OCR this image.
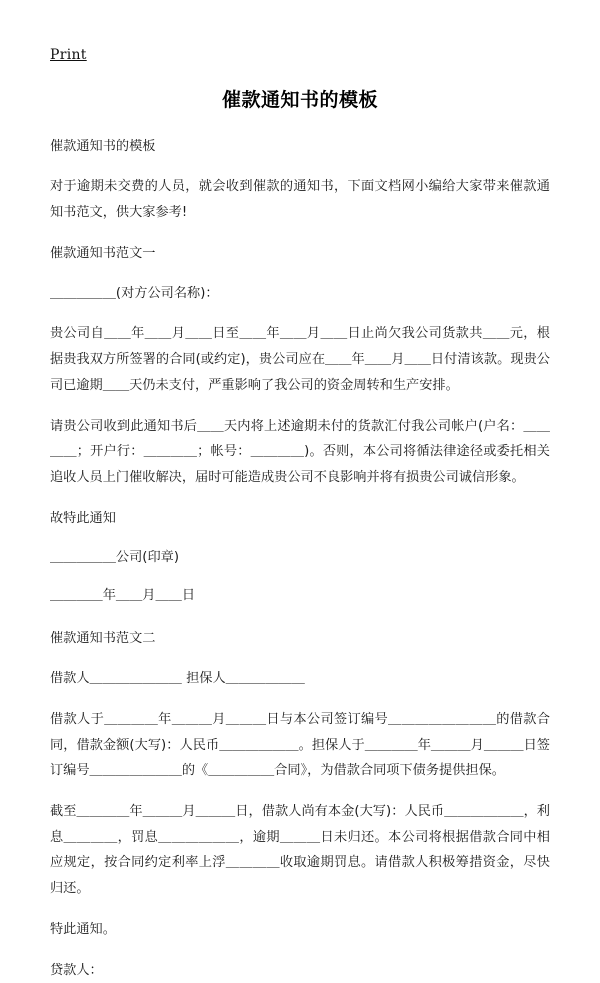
Print
催款通知书的模板

催款通知书的模板

对于逾期未交费的人员，就会收到催款的通知书，下面文档网小编给大家带来催款通知书范文，供大家参考!

催款通知书范文一

＿＿＿＿＿(对方公司名称)：

贵公司自＿＿年＿＿月＿＿日至＿＿年＿＿月＿＿日止尚欠我公司货款共＿＿元，根据贵我双方所签署的合同(或约定)，贵公司应在＿＿年＿＿月＿＿日付清该款。现贵公司已逾期＿＿天仍未支付，严重影响了我公司的资金周转和生产安排。

请贵公司收到此通知书后＿＿天内将上述逾期未付的货款汇付我公司帐户(户名：＿＿＿＿；开户行：＿＿＿＿；帐号：＿＿＿＿)。否则，本公司将循法律途径或委托相关追收人员上门催收解决，届时可能造成贵公司不良影响并将有损贵公司诚信形象。

故特此通知

＿＿＿＿＿公司(印章)

＿＿＿＿年＿＿月＿＿日

催款通知书范文二

借款人＿＿＿＿＿＿＿ 担保人＿＿＿＿＿＿

借款人于＿＿＿＿年＿＿＿月＿＿＿日与本公司签订编号＿＿＿＿＿＿＿＿的借款合同，借款金额(大写)：人民币＿＿＿＿＿＿。担保人于＿＿＿＿年＿＿＿月＿＿＿日签订编号＿＿＿＿＿＿＿的《＿＿＿＿＿合同》，为借款合同项下债务提供担保。

截至＿＿＿＿年＿＿＿月＿＿＿日，借款人尚有本金(大写)：人民币＿＿＿＿＿＿，利息＿＿＿＿，罚息＿＿＿＿＿＿，逾期＿＿＿日未归还。本公司将根据借款合同中相应规定，按合同约定利率上浮＿＿＿＿收取逾期罚息。请借款人积极筹措资金，尽快归还。

特此通知。

贷款人：
